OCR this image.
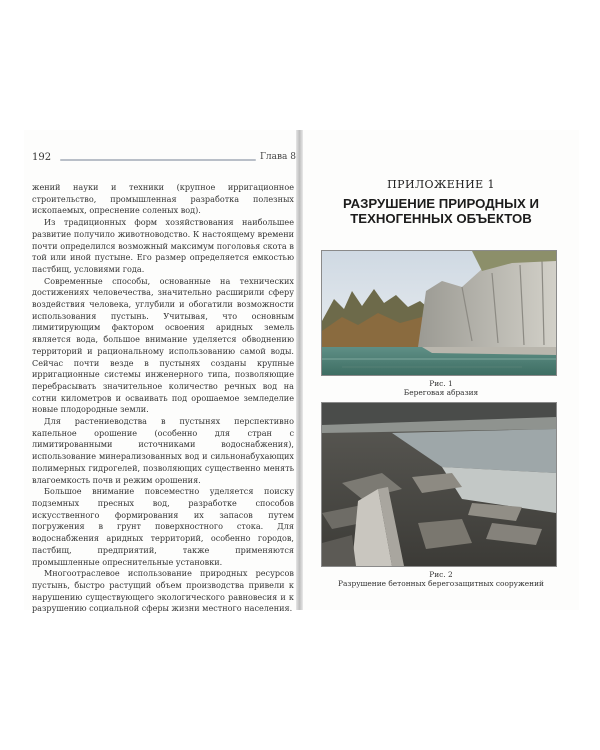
192	Глава 8

жений науки и техники (крупное ирригационное строительство, промышленная разработка полезных ископаемых, опреснение соленых вод).

Из традиционных форм хозяйствования наибольшее развитие получило животноводство. К настоящему времени почти определился возможный максимум поголовья скота в той или иной пустыне. Его размер определяется емкостью пастбищ, условиями года.

Современные способы, основанные на технических достижениях человечества, значительно расширили сферу воздействия человека, углубили и обогатили возможности использования пустынь. Учитывая, что основным лимитирующим фактором освоения аридных земель является вода, большое внимание уделяется обводнению территорий и рациональному использованию самой воды. Сейчас почти везде в пустынях созданы крупные ирригационные системы инженерного типа, позволяющие перебрасывать значительное количество речных вод на сотни километров и осваивать под орошаемое земледелие новые плодородные земли.

Для растениеводства в пустынях перспективно капельное орошение (особенно для стран с лимитированными источниками водоснабжения), использование минерализованных вод и сильнонабухающих полимерных гидрогелей, позволяющих существенно менять влагоемкость почв и режим орошения.

Большое внимание повсеместно уделяется поиску подземных пресных вод, разработке способов искусственного формирования их запасов путем погружения в грунт поверхностного стока. Для водоснабжения аридных территорий, особенно городов, пастбищ, предприятий, также применяются промышленные опреснительные установки.

Многоотраслевое использование природных ресурсов пустынь, быстро растущий объем производства привели к нарушению существующего экологического равновесия и к разрушению социальной сферы жизни местного населения.

ПРИЛОЖЕНИЕ 1
РАЗРУШЕНИЕ ПРИРОДНЫХ И ТЕХНОГЕННЫХ ОБЪЕКТОВ
Рис. 1
Береговая абразия
Рис. 2
Разрушение бетонных берегозащитных сооружений
